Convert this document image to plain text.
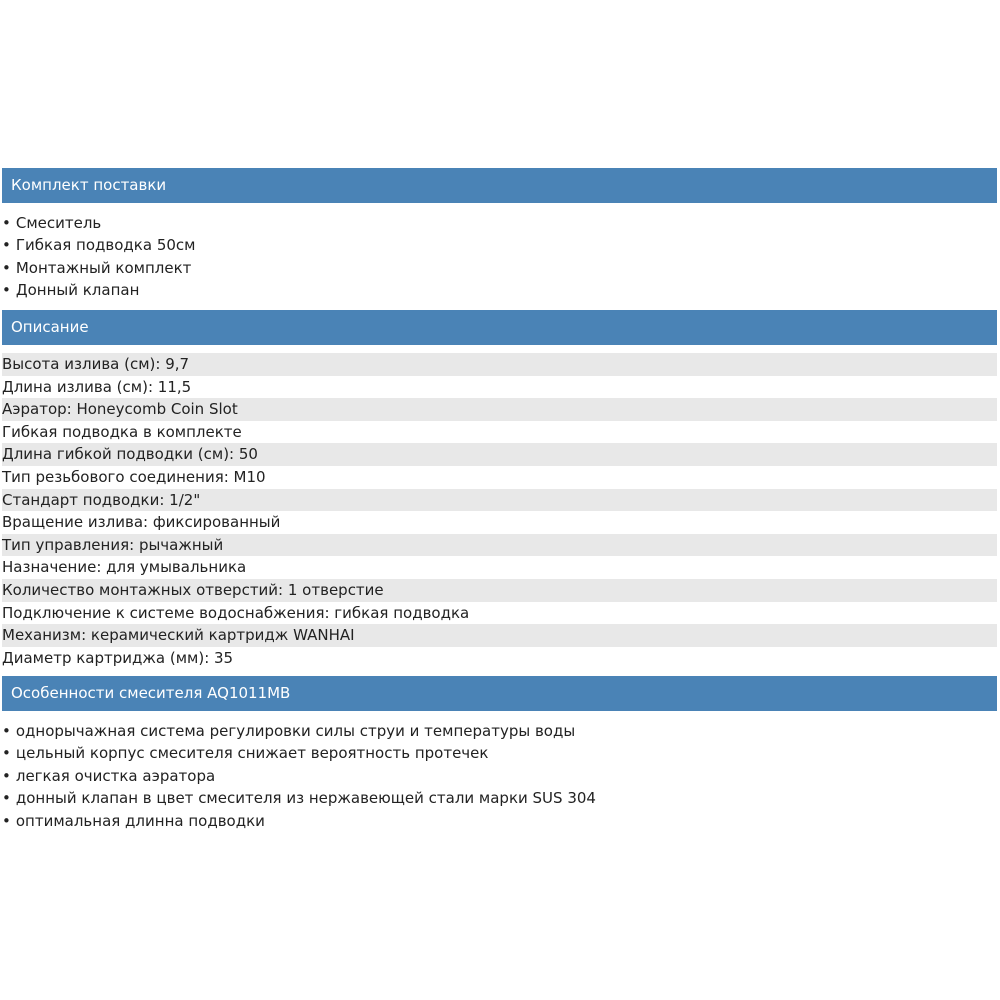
Комплект поставки
• Смеситель
• Гибкая подводка 50см
• Монтажный комплект
• Донный клапан
Описание
Высота излива (см): 9,7
Длина излива (см): 11,5
Аэратор: Honeycomb Coin Slot
Гибкая подводка в комплекте
Длина гибкой подводки (см): 50
Тип резьбового соединения: M10
Стандарт подводки: 1/2"
Вращение излива: фиксированный
Тип управления: рычажный
Назначение: для умывальника
Количество монтажных отверстий: 1 отверстие
Подключение к системе водоснабжения: гибкая подводка
Механизм: керамический картридж WANHAI
Диаметр картриджа (мм): 35
Особенности смесителя AQ1011MB
• однорычажная система регулировки силы струи и температуры воды
• цельный корпус смесителя снижает вероятность протечек
• легкая очистка аэратора
• донный клапан в цвет смесителя из нержавеющей стали марки SUS 304
• оптимальная длинна подводки
